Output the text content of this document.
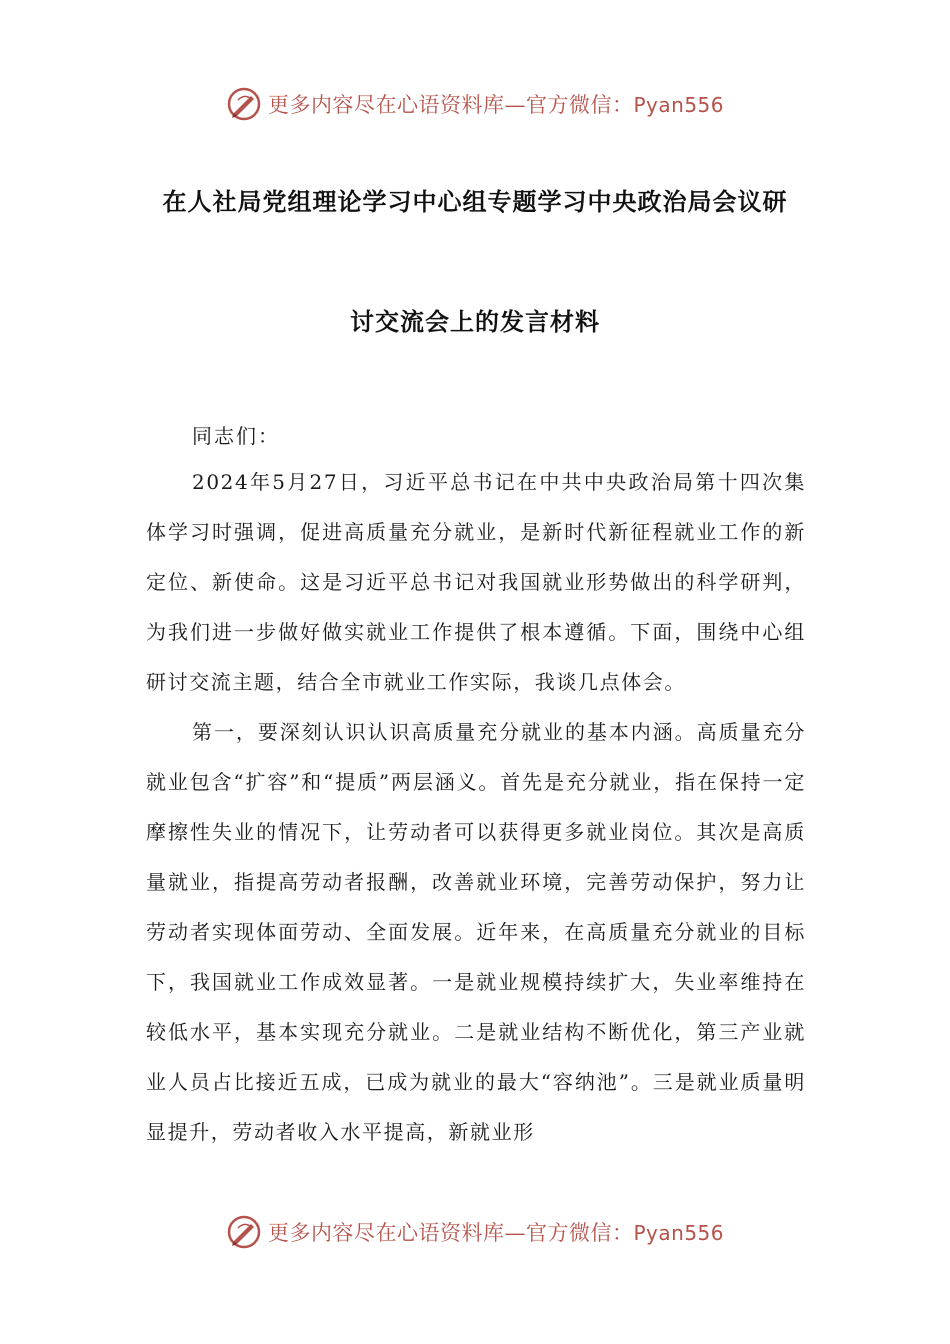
更多内容尽在心语资料库—官方微信：Pyan556
在人社局党组理论学习中心组专题学习中央政治局会议研
讨交流会上的发言材料
同志们：

2024年5月27日，习近平总书记在中共中央政治局第十四次集体学习时强调，促进高质量充分就业，是新时代新征程就业工作的新定位、新使命。这是习近平总书记对我国就业形势做出的科学研判，为我们进一步做好做实就业工作提供了根本遵循。下面，围绕中心组研讨交流主题，结合全市就业工作实际，我谈几点体会。

第一，要深刻认识认识高质量充分就业的基本内涵。高质量充分就业包含“扩容”和“提质”两层涵义。首先是充分就业，指在保持一定摩擦性失业的情况下，让劳动者可以获得更多就业岗位。其次是高质量就业，指提高劳动者报酬，改善就业环境，完善劳动保护，努力让劳动者实现体面劳动、全面发展。近年来，在高质量充分就业的目标下，我国就业工作成效显著。一是就业规模持续扩大，失业率维持在较低水平，基本实现充分就业。二是就业结构不断优化，第三产业就业人员占比接近五成，已成为就业的最大“容纳池”。三是就业质量明显提升，劳动者收入水平提高，新就业形

更多内容尽在心语资料库—官方微信：Pyan556
